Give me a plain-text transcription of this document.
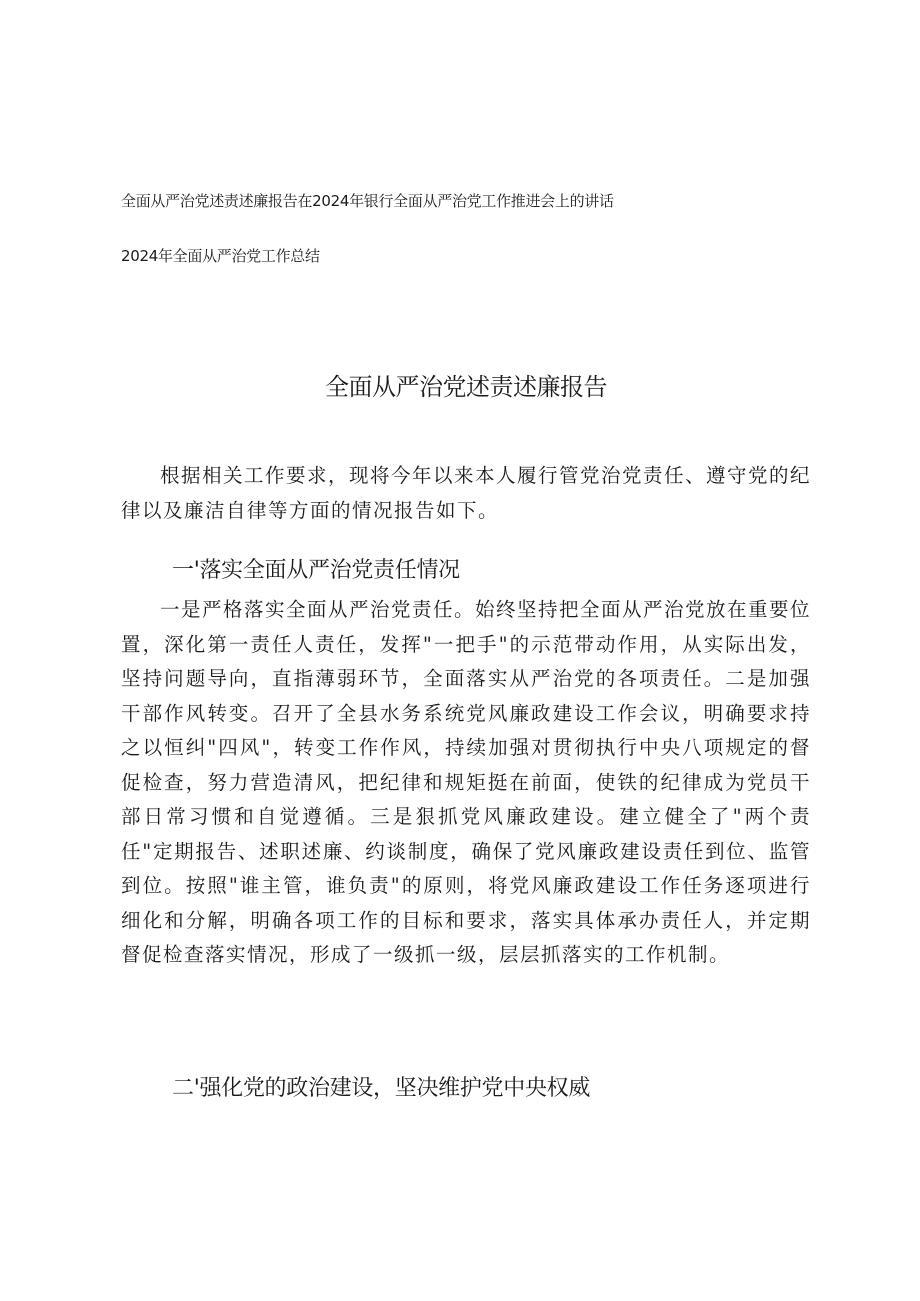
全面从严治党述责述廉报告在2024年银行全面从严治党工作推进会上的讲话
2024年全面从严治党工作总结
全面从严治党述责述廉报告

根据相关工作要求，现将今年以来本人履行管党治党责任、遵守党的纪律以及廉洁自律等方面的情况报告如下。

一'落实全面从严治党责任情况

一是严格落实全面从严治党责任。始终坚持把全面从严治党放在重要位置，深化第一责任人责任，发挥"一把手"的示范带动作用，从实际出发，坚持问题导向，直指薄弱环节，全面落实从严治党的各项责任。二是加强干部作风转变。召开了全县水务系统党风廉政建设工作会议，明确要求持之以恒纠"四风"，转变工作作风，持续加强对贯彻执行中央八项规定的督促检查，努力营造清风，把纪律和规矩挺在前面，使铁的纪律成为党员干部日常习惯和自觉遵循。三是狠抓党风廉政建设。建立健全了"两个责任"定期报告、述职述廉、约谈制度，确保了党风廉政建设责任到位、监管到位。按照"谁主管，谁负责"的原则，将党风廉政建设工作任务逐项进行细化和分解，明确各项工作的目标和要求，落实具体承办责任人，并定期督促检查落实情况，形成了一级抓一级，层层抓落实的工作机制。

二'强化党的政治建设，坚决维护党中央权威
